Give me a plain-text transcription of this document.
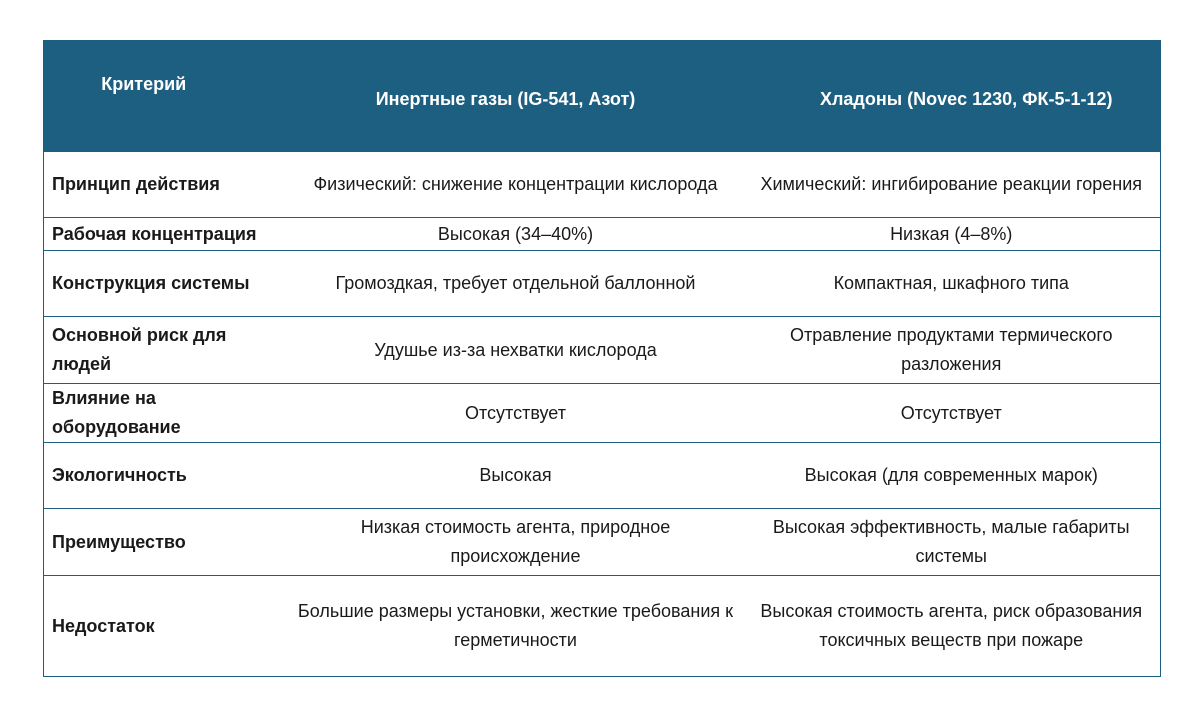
Критерий	Инертные газы (IG-541, Азот)	Хладоны (Novec 1230, ФК-5-1-12)

Принцип действия	Физический: снижение концентрации кислорода	Химический: ингибирование реакции горения
Рабочая концентрация	Высокая (34–40%)	Низкая (4–8%)
Конструкция системы	Громоздкая, требует отдельной баллонной	Компактная, шкафного типа
Основной риск для людей	Удушье из-за нехватки кислорода	Отравление продуктами термического разложения
Влияние на оборудование	Отсутствует	Отсутствует
Экологичность	Высокая	Высокая (для современных марок)
Преимущество	Низкая стоимость агента, природное происхождение	Высокая эффективность, малые габариты системы
Недостаток	Большие размеры установки, жесткие требования к герметичности	Высокая стоимость агента, риск образования токсичных веществ при пожаре
